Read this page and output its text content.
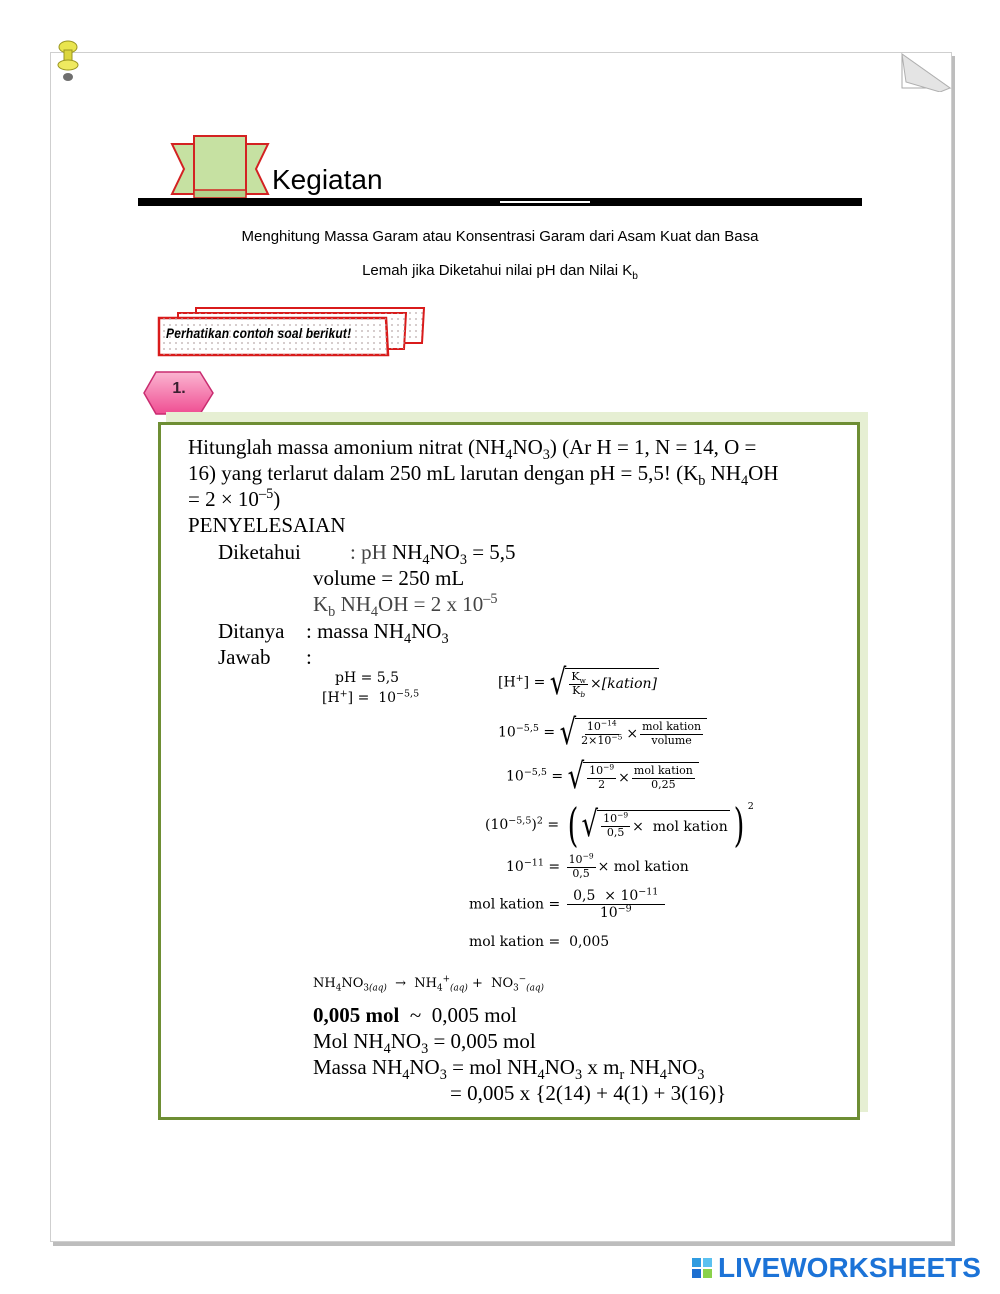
Kegiatan
Menghitung Massa Garam atau Konsentrasi Garam dari Asam Kuat dan Basa
Lemah jika Diketahui nilai pH dan Nilai $K_b$
Perhatikan contoh soal berikut!
1.
Hitunglah massa amonium nitrat $(NH_4NO_3)$ (Ar H = 1, N = 14, O =
16) yang terlarut dalam 250 mL larutan dengan pH = 5,5! ($K_b$ $NH_4OH$
= $2 \times 10^{-5}$)
PENYELESAIAN
Diketahui : pH $NH_4NO_3 = 5,5$
volume = 250 mL
$K_b$ $NH_4OH = 2$ x $10^{-5}$
Ditanya : massa $NH_4NO_3$
Jawab :
pH = 5,5
$[H^+] = 10^{-5,5}$
[H+] = √ $\frac{K_w}{K_b}$ × [kation]
$10^{-5,5}$ = √ $\frac{10^{-14}}{2\times 10^{-5}} \times \frac{\text{mol kation}}{\text{volume}}$
$10^{-5,5}$ = √ $\frac{10^{-9}}{2} \times \frac{\text{mol kation}}{0,25}$
$(10^{-5,5})^2$ = ( √ $\frac{10^{-9}}{0,5}$ ×  mol kation ) $^2$
$10^{-11} = \frac{10^{-9}}{0,5}$ × mol kation
mol kation = $\frac{0,5 \times 10^{-11}}{10^{-9}}$
mol kation =  0,005
$NH_4NO_{3(aq)} \to NH_4^+_{(aq)} + NO_3^-_{(aq)}$
0,005 mol ~ 0,005 mol
Mol $NH_4NO_3 = 0,005$ mol
Massa $NH_4NO_3$ = mol $NH_4NO_3$ x $m_r$ $NH_4NO_3$
= 0,005 x {2(14) + 4(1) + 3(16)}
LIVEWORKSHEETS
